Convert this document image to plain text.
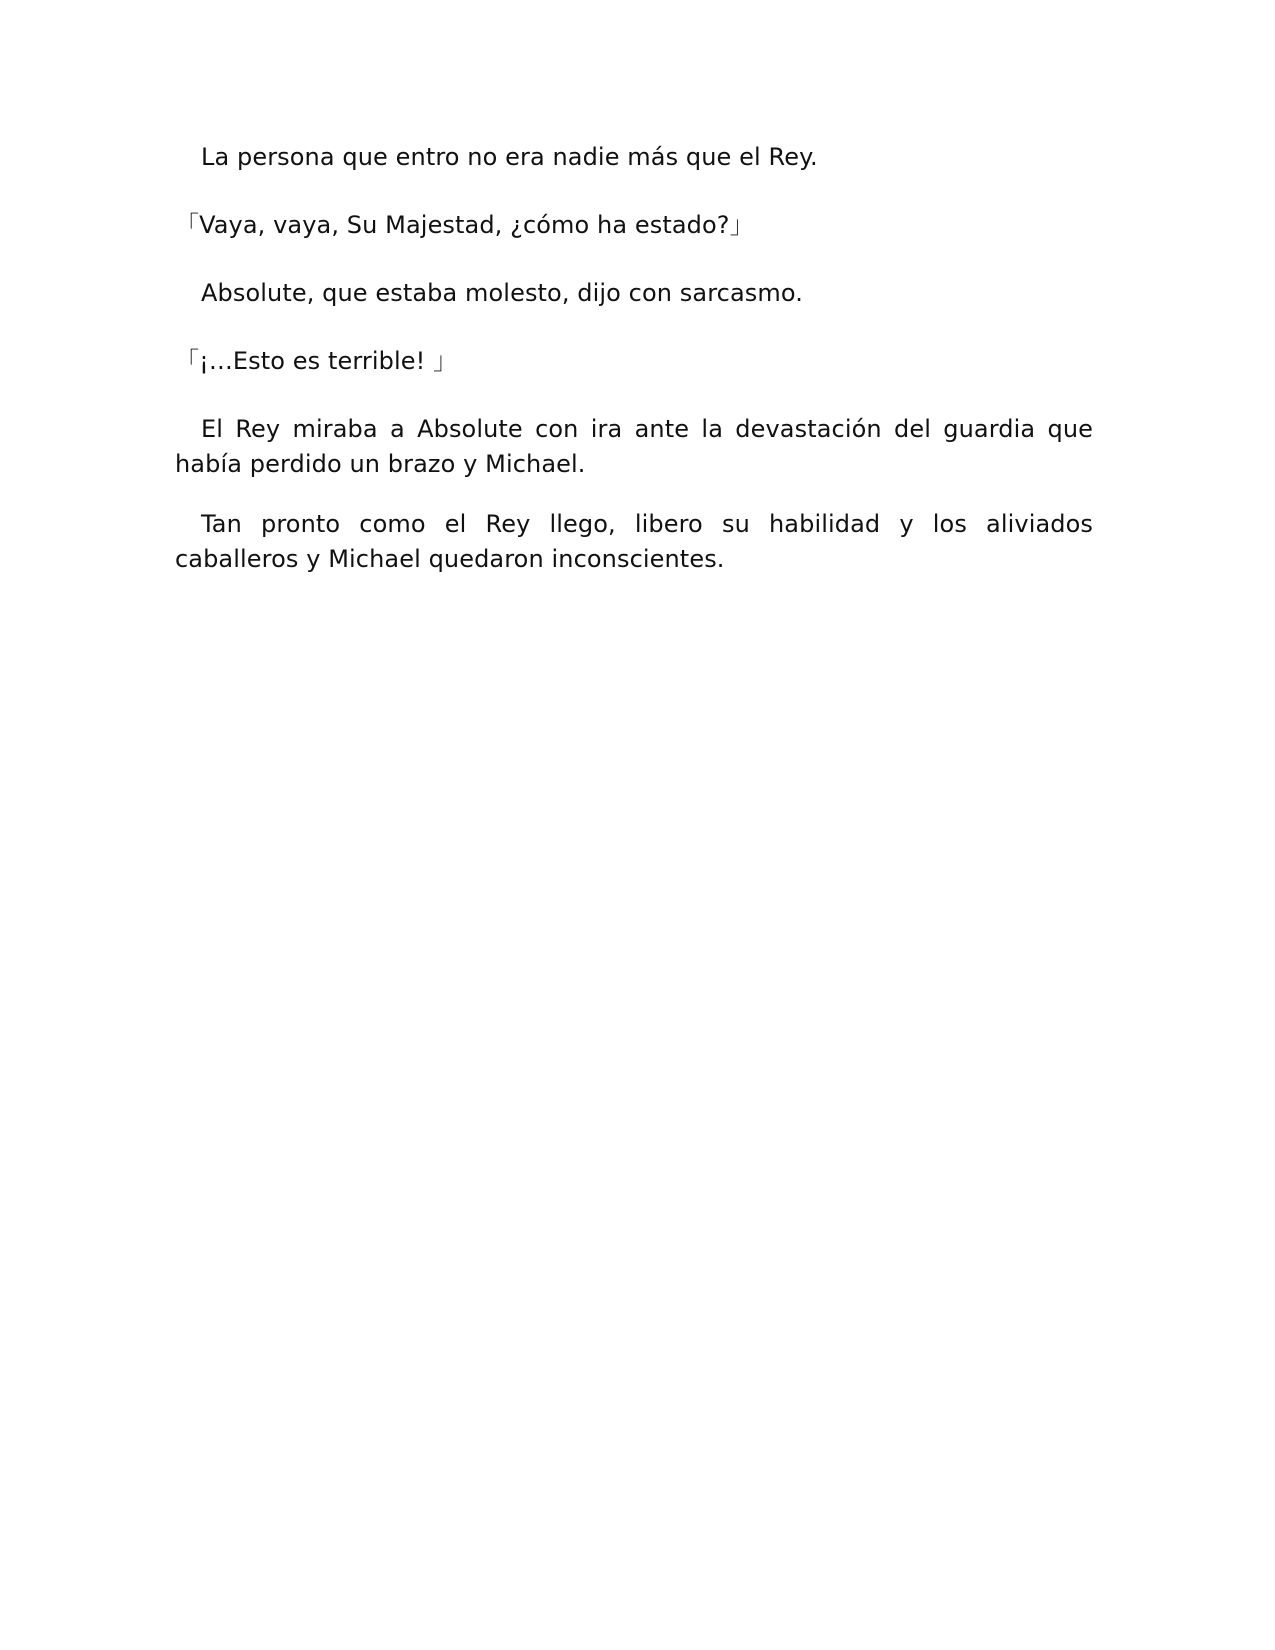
La persona que entro no era nadie más que el Rey.

「Vaya, vaya, Su Majestad, ¿cómo ha estado?」

Absolute, que estaba molesto, dijo con sarcasmo.

「¡…Esto es terrible! 」

El Rey miraba a Absolute con ira ante la devastación del guardia que había perdido un brazo y Michael.

Tan pronto como el Rey llego, libero su habilidad y los aliviados caballeros y Michael quedaron inconscientes.
